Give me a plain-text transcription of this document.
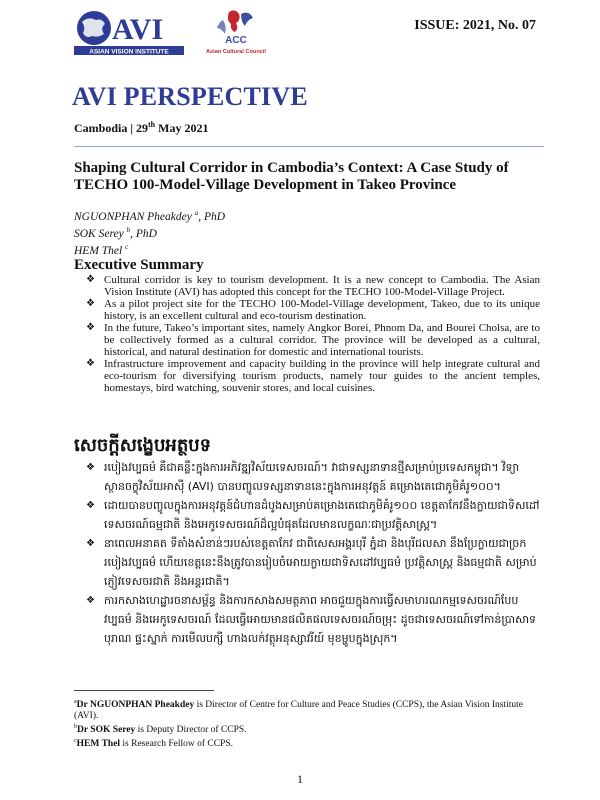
AVI
ASIAN VISION INSTITUTE
ACC
Asian Cultural Council
ISSUE: 2021, No. 07
AVI PERSPECTIVE
Cambodia | 29th May 2021
Shaping Cultural Corridor in Cambodia’s Context: A Case Study of TECHO 100-Model-Village Development in Takeo Province
NGUONPHAN Pheakdey $^a$, PhD
SOK Serey $^b$, PhD
HEM Thel $^c$
Executive Summary
❖ Cultural corridor is key to tourism development. It is a new concept to Cambodia. The Asian Vision Institute (AVI) has adopted this concept for the TECHO 100-Model-Village Project.
❖ As a pilot project site for the TECHO 100-Model-Village development, Takeo, due to its unique history, is an excellent cultural and eco-tourism destination.
❖ In the future, Takeo’s important sites, namely Angkor Borei, Phnom Da, and Bourei Cholsa, are to be collectively formed as a cultural corridor. The province will be developed as a cultural, historical, and natural destination for domestic and international tourists.
❖ Infrastructure improvement and capacity building in the province will help integrate cultural and eco-tourism for diversifying tourism products, namely tour guides to the ancient temples, homestays, bird watching, souvenir stores, and local cuisines.
សេចក្តីសង្ខេបអត្ថបទ
❖ របៀងវប្បធម៌ គឺជាគន្លឹះក្នុងការអភិវឌ្ឍវិស័យទេសចរណ៍។ វាជាទស្សនាទានថ្មីសម្រាប់ប្រទេសកម្ពុជា។ វិទ្យាស្ថានចក្ខុវិស័យអាស៊ី (AVI) បានបញ្ចូលទស្សនាទាននេះក្នុងការអនុវត្តន៍ គម្រោងតេជោភូមិគំរូ១០០។
❖ ដោយបានបញ្ចូលក្នុងការអនុវត្តន៍ជំហានដំបូងសម្រាប់គម្រោងតេជោភូមិគំរូ១០០ ខេត្តតាកែវនឹងក្លាយជាទិសដៅទេសចរណ៍ធម្មជាតិ និងអេកូទេសចរណ៍ដ៏ល្អបំផុតដែលមានលក្ខណៈជាប្រវត្តិសាស្ត្រ។
❖ នាពេលអនាគត ទីតាំងសំខាន់ៗរបស់ខេត្តតាកែវ ជាពិសេសអង្គរបុរី ភ្នំដា និងបុរីជលសា នឹងប្រែក្លាយជាច្រករបៀងវប្បធម៌ ហើយខេត្តនេះនឹងត្រូវបានរៀបចំអោយក្លាយជាទិសដៅវប្បធម៌ ប្រវត្តិសាស្ត្រ និងធម្មជាតិ សម្រាប់ភ្ញៀវទេសចរជាតិ និងអន្តរជាតិ។
❖ ការកសាងហេដ្ឋារចនាសម្ព័ន្ធ និងការកសាងសមត្ថភាព អាចជួយក្នុងការធ្វើសមាហរណកម្មទេសចរណ៍បែបវប្បធម៌ និងអេកូទេសចរណ៍ ដែលធ្វើអោយមានផលិតផលទេសចរណ៍ចម្រុះ ដូចជាទេសចរណ៍ទៅកាន់ប្រាសាទបុរាណ ផ្ទះស្នាក់ ការមើលបក្សី ហាងលក់វត្ថុអនុស្សាវរីយ៍ មុខម្ហូបក្នុងស្រុក។
$^a$Dr NGUONPHAN Pheakdey is Director of Centre for Culture and Peace Studies (CCPS), the Asian Vision Institute (AVI).
$^b$Dr SOK Serey is Deputy Director of CCPS.
$^c$HEM Thel is Research Fellow of CCPS.
1
